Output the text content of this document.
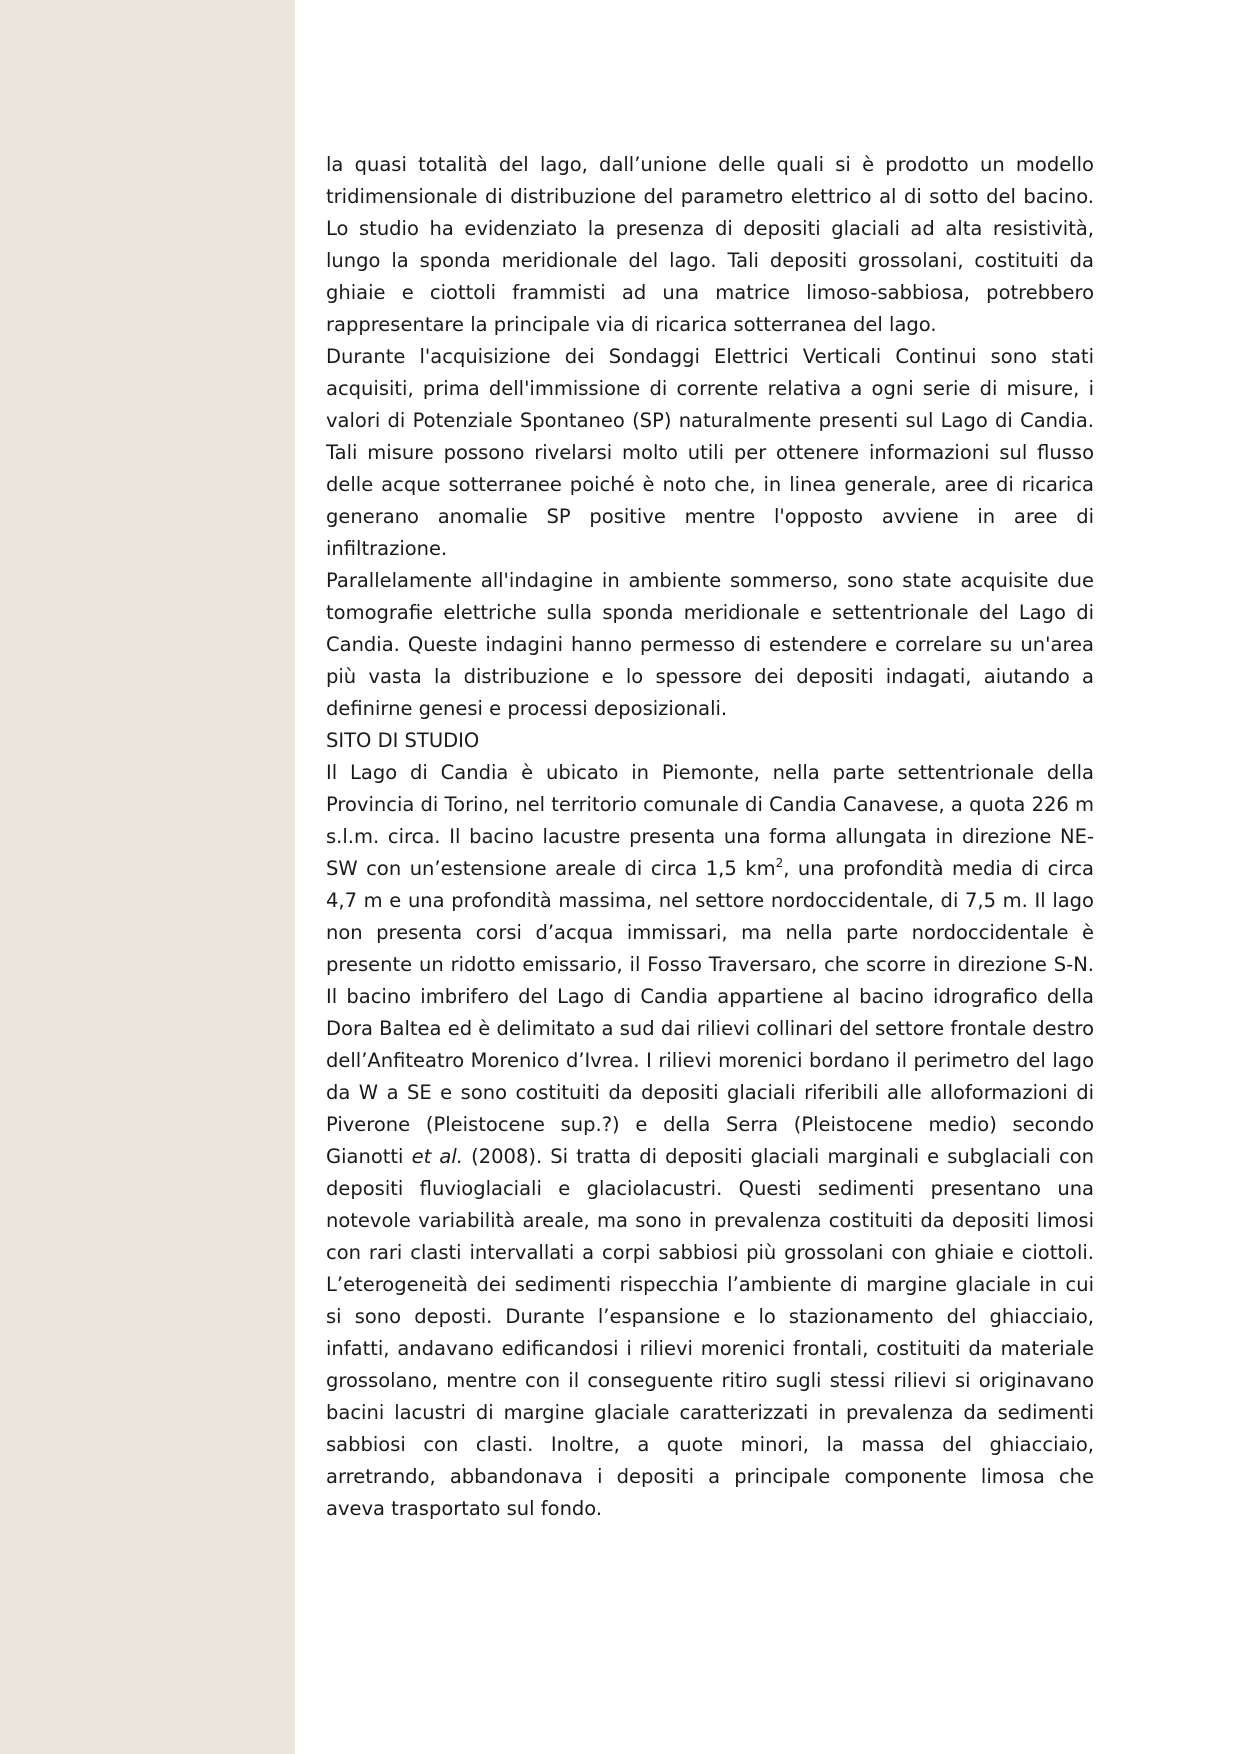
la quasi totalità del lago, dall’unione delle quali si è prodotto un modello tridimensionale di distribuzione del parametro elettrico al di sotto del bacino. Lo studio ha evidenziato la presenza di depositi glaciali ad alta resistività, lungo la sponda meridionale del lago. Tali depositi grossolani, costituiti da ghiaie e ciottoli frammisti ad una matrice limoso-sabbiosa, potrebbero rappresentare la principale via di ricarica sotterranea del lago.

Durante l'acquisizione dei Sondaggi Elettrici Verticali Continui sono stati acquisiti, prima dell'immissione di corrente relativa a ogni serie di misure, i valori di Potenziale Spontaneo (SP) naturalmente presenti sul Lago di Candia. Tali misure possono rivelarsi molto utili per ottenere informazioni sul flusso delle acque sotterranee poiché è noto che, in linea generale, aree di ricarica generano anomalie SP positive mentre l'opposto avviene in aree di infiltrazione.

Parallelamente all'indagine in ambiente sommerso, sono state acquisite due tomografie elettriche sulla sponda meridionale e settentrionale del Lago di Candia. Queste indagini hanno permesso di estendere e correlare su un'area più vasta la distribuzione e lo spessore dei depositi indagati, aiutando a definirne genesi e processi deposizionali.

SITO DI STUDIO

Il Lago di Candia è ubicato in Piemonte, nella parte settentrionale della Provincia di Torino, nel territorio comunale di Candia Canavese, a quota 226 m s.l.m. circa. Il bacino lacustre presenta una forma allungata in direzione NE-SW con un’estensione areale di circa 1,5 $km^2$, una profondità media di circa 4,7 m e una profondità massima, nel settore nordoccidentale, di 7,5 m. Il lago non presenta corsi d’acqua immissari, ma nella parte nordoccidentale è presente un ridotto emissario, il Fosso Traversaro, che scorre in direzione S-N. Il bacino imbrifero del Lago di Candia appartiene al bacino idrografico della Dora Baltea ed è delimitato a sud dai rilievi collinari del settore frontale destro dell’Anfiteatro Morenico d’Ivrea. I rilievi morenici bordano il perimetro del lago da W a SE e sono costituiti da depositi glaciali riferibili alle alloformazioni di Piverone (Pleistocene sup.?) e della Serra (Pleistocene medio) secondo Gianotti et al. (2008). Si tratta di depositi glaciali marginali e subglaciali con depositi fluvioglaciali e glaciolacustri. Questi sedimenti presentano una notevole variabilità areale, ma sono in prevalenza costituiti da depositi limosi con rari clasti intervallati a corpi sabbiosi più grossolani con ghiaie e ciottoli. L’eterogeneità dei sedimenti rispecchia l’ambiente di margine glaciale in cui si sono deposti. Durante l’espansione e lo stazionamento del ghiacciaio, infatti, andavano edificandosi i rilievi morenici frontali, costituiti da materiale grossolano, mentre con il conseguente ritiro sugli stessi rilievi si originavano bacini lacustri di margine glaciale caratterizzati in prevalenza da sedimenti sabbiosi con clasti. Inoltre, a quote minori, la massa del ghiacciaio, arretrando, abbandonava i depositi a principale componente limosa che aveva trasportato sul fondo.
